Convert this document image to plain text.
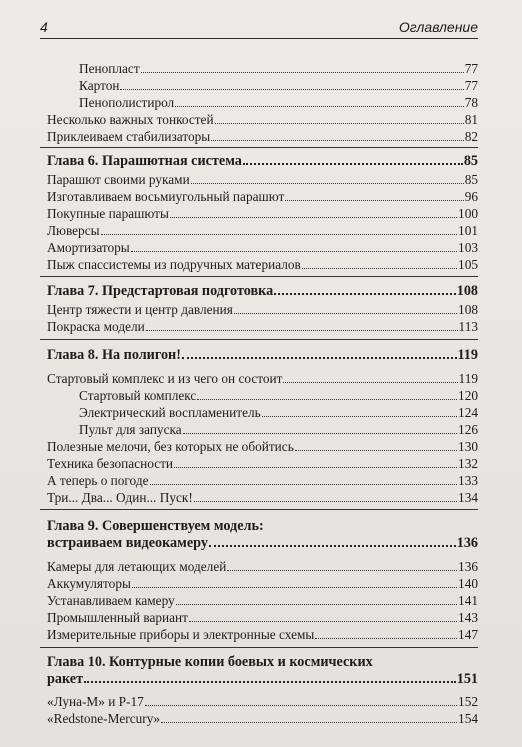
4	Оглавление
Пенопласт	77
Картон	77
Пенополистирол	78
Несколько важных тонкостей	81
Приклеиваем стабилизаторы	82
Глава 6. Парашютная система	85
Парашют своими руками	85
Изготавливаем восьмиугольный парашют	96
Покупные парашюты	100
Люверсы	101
Амортизаторы	103
Пыж спассистемы из подручных материалов	105
Глава 7. Предстартовая подготовка	108
Центр тяжести и центр давления	108
Покраска модели	113
Глава 8. На полигон!	119
Стартовый комплекс и из чего он состоит	119
Стартовый комплекс	120
Электрический воспламенитель	124
Пульт для запуска	126
Полезные мелочи, без которых не обойтись	130
Техника безопасности	132
А теперь о погоде	133
Три... Два... Один... Пуск!	134
Глава 9. Совершенствуем модель:
встраиваем видеокамеру	136
Камеры для летающих моделей	136
Аккумуляторы	140
Устанавливаем камеру	141
Промышленный вариант	143
Измерительные приборы и электронные схемы	147
Глава 10. Контурные копии боевых и космических
ракет	151
«Луна-М» и Р-17	152
«Redstone-Mercury»	154
